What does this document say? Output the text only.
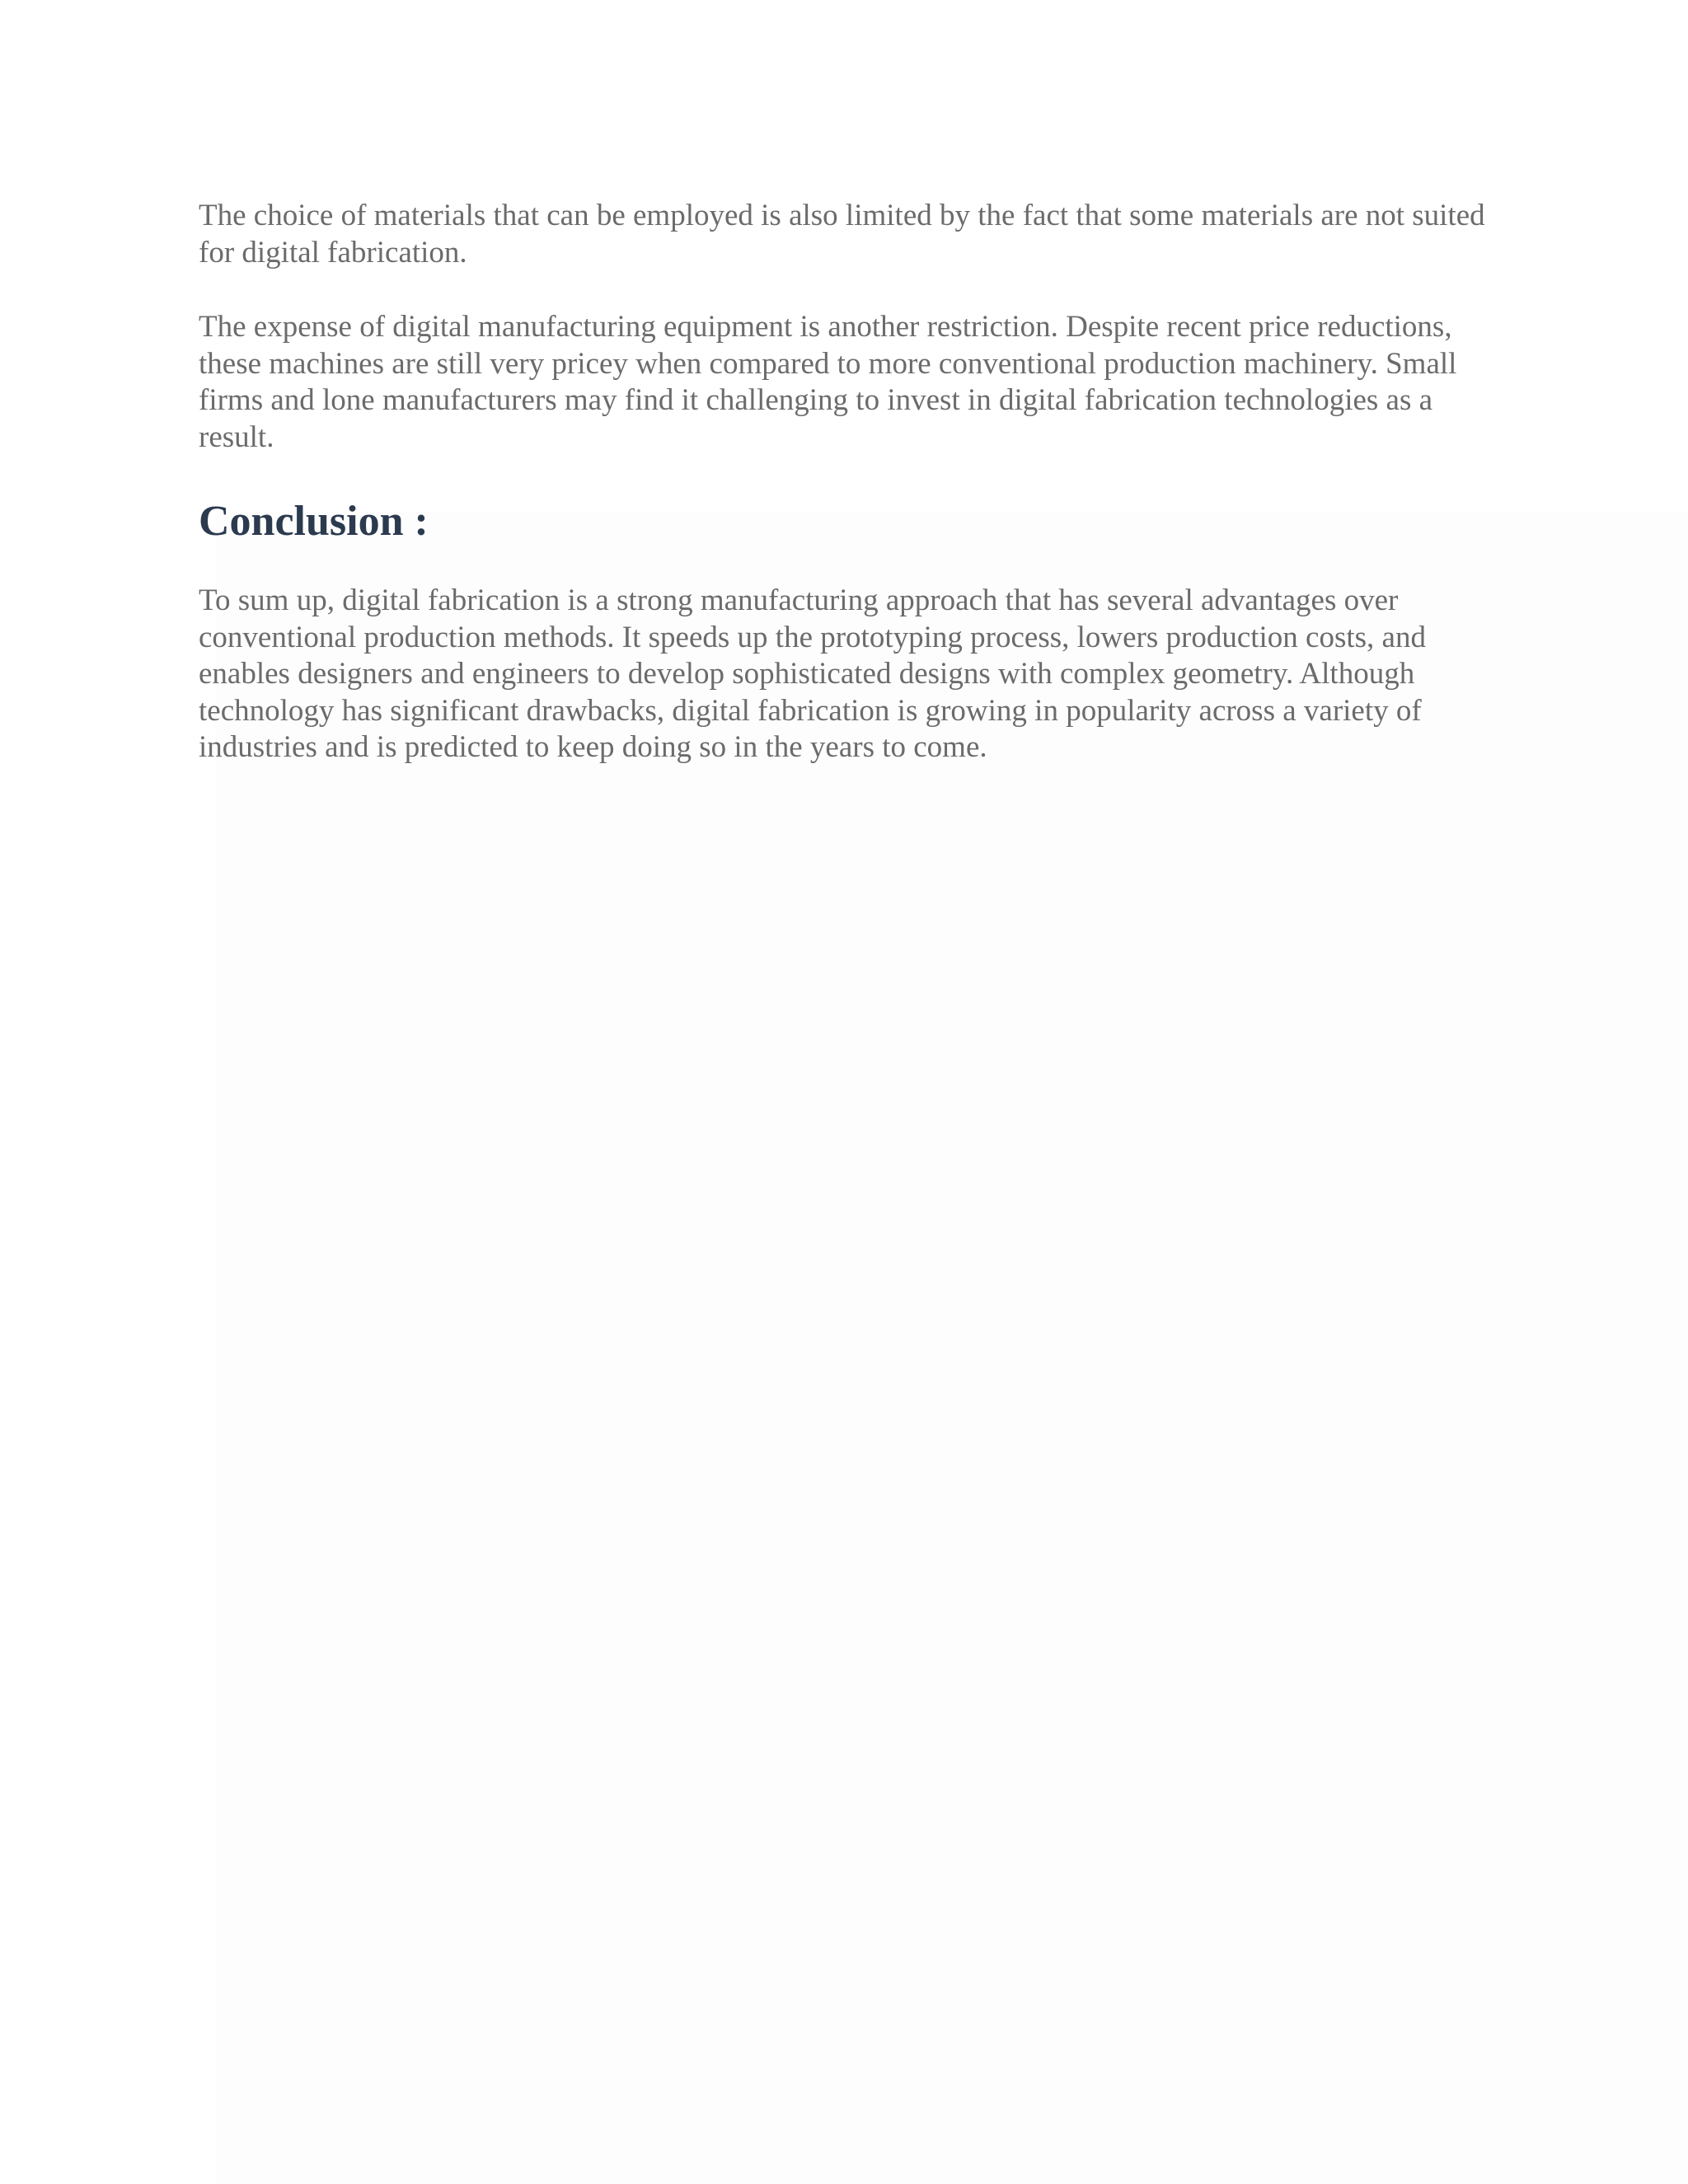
The choice of materials that can be employed is also limited by the fact that some materials are not suited for digital fabrication.

The expense of digital manufacturing equipment is another restriction. Despite recent price reductions, these machines are still very pricey when compared to more conventional production machinery. Small firms and lone manufacturers may find it challenging to invest in digital fabrication technologies as a result.

Conclusion :

To sum up, digital fabrication is a strong manufacturing approach that has several advantages over conventional production methods. It speeds up the prototyping process, lowers production costs, and enables designers and engineers to develop sophisticated designs with complex geometry. Although technology has significant drawbacks, digital fabrication is growing in popularity across a variety of industries and is predicted to keep doing so in the years to come.
